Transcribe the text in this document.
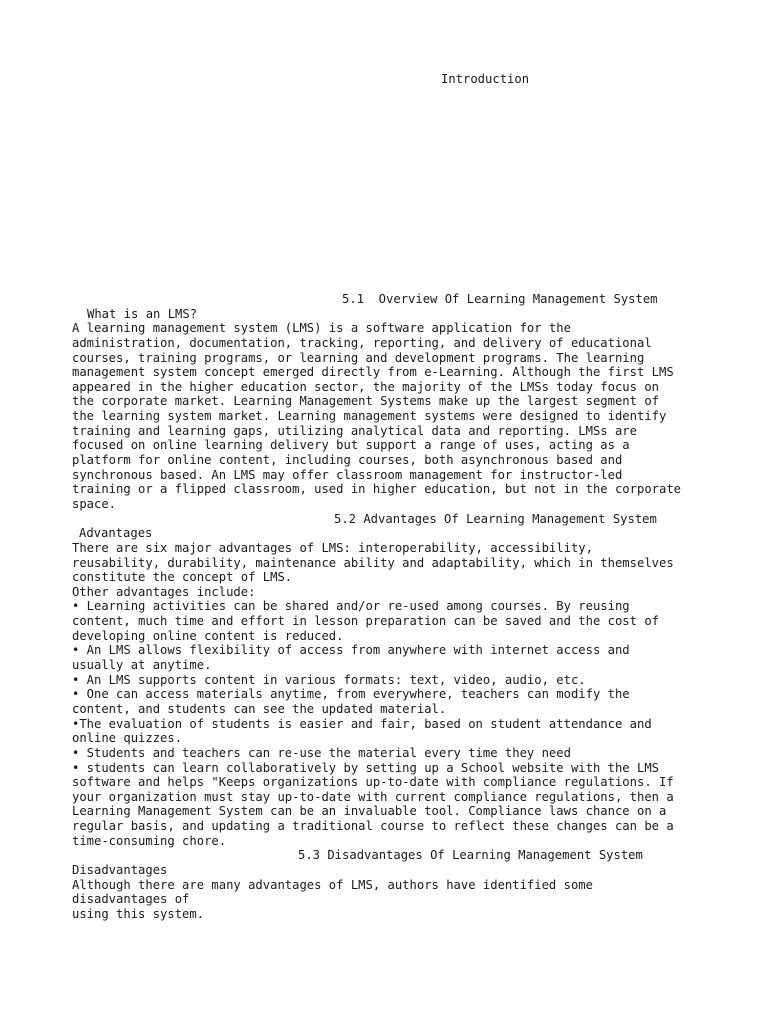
Introduction
5.1  Overview Of Learning Management System
What is an LMS?
A learning management system (LMS) is a software application for the
administration, documentation, tracking, reporting, and delivery of educational
courses, training programs, or learning and development programs. The learning
management system concept emerged directly from e-Learning. Although the first LMS
appeared in the higher education sector, the majority of the LMSs today focus on
the corporate market. Learning Management Systems make up the largest segment of
the learning system market. Learning management systems were designed to identify
training and learning gaps, utilizing analytical data and reporting. LMSs are
focused on online learning delivery but support a range of uses, acting as a
platform for online content, including courses, both asynchronous based and
synchronous based. An LMS may offer classroom management for instructor-led
training or a flipped classroom, used in higher education, but not in the corporate
space.
5.2 Advantages Of Learning Management System
Advantages
There are six major advantages of LMS: interoperability, accessibility,
reusability, durability, maintenance ability and adaptability, which in themselves
constitute the concept of LMS.
Other advantages include:
• Learning activities can be shared and/or re-used among courses. By reusing
content, much time and effort in lesson preparation can be saved and the cost of
developing online content is reduced.
• An LMS allows flexibility of access from anywhere with internet access and
usually at anytime.
• An LMS supports content in various formats: text, video, audio, etc.
• One can access materials anytime, from everywhere, teachers can modify the
content, and students can see the updated material.
•The evaluation of students is easier and fair, based on student attendance and
online quizzes.
• Students and teachers can re-use the material every time they need
• students can learn collaboratively by setting up a School website with the LMS
software and helps "Keeps organizations up-to-date with compliance regulations. If
your organization must stay up-to-date with current compliance regulations, then a
Learning Management System can be an invaluable tool. Compliance laws chance on a
regular basis, and updating a traditional course to reflect these changes can be a
time-consuming chore.
5.3 Disadvantages Of Learning Management System
Disadvantages
Although there are many advantages of LMS, authors have identified some
disadvantages of
using this system.
